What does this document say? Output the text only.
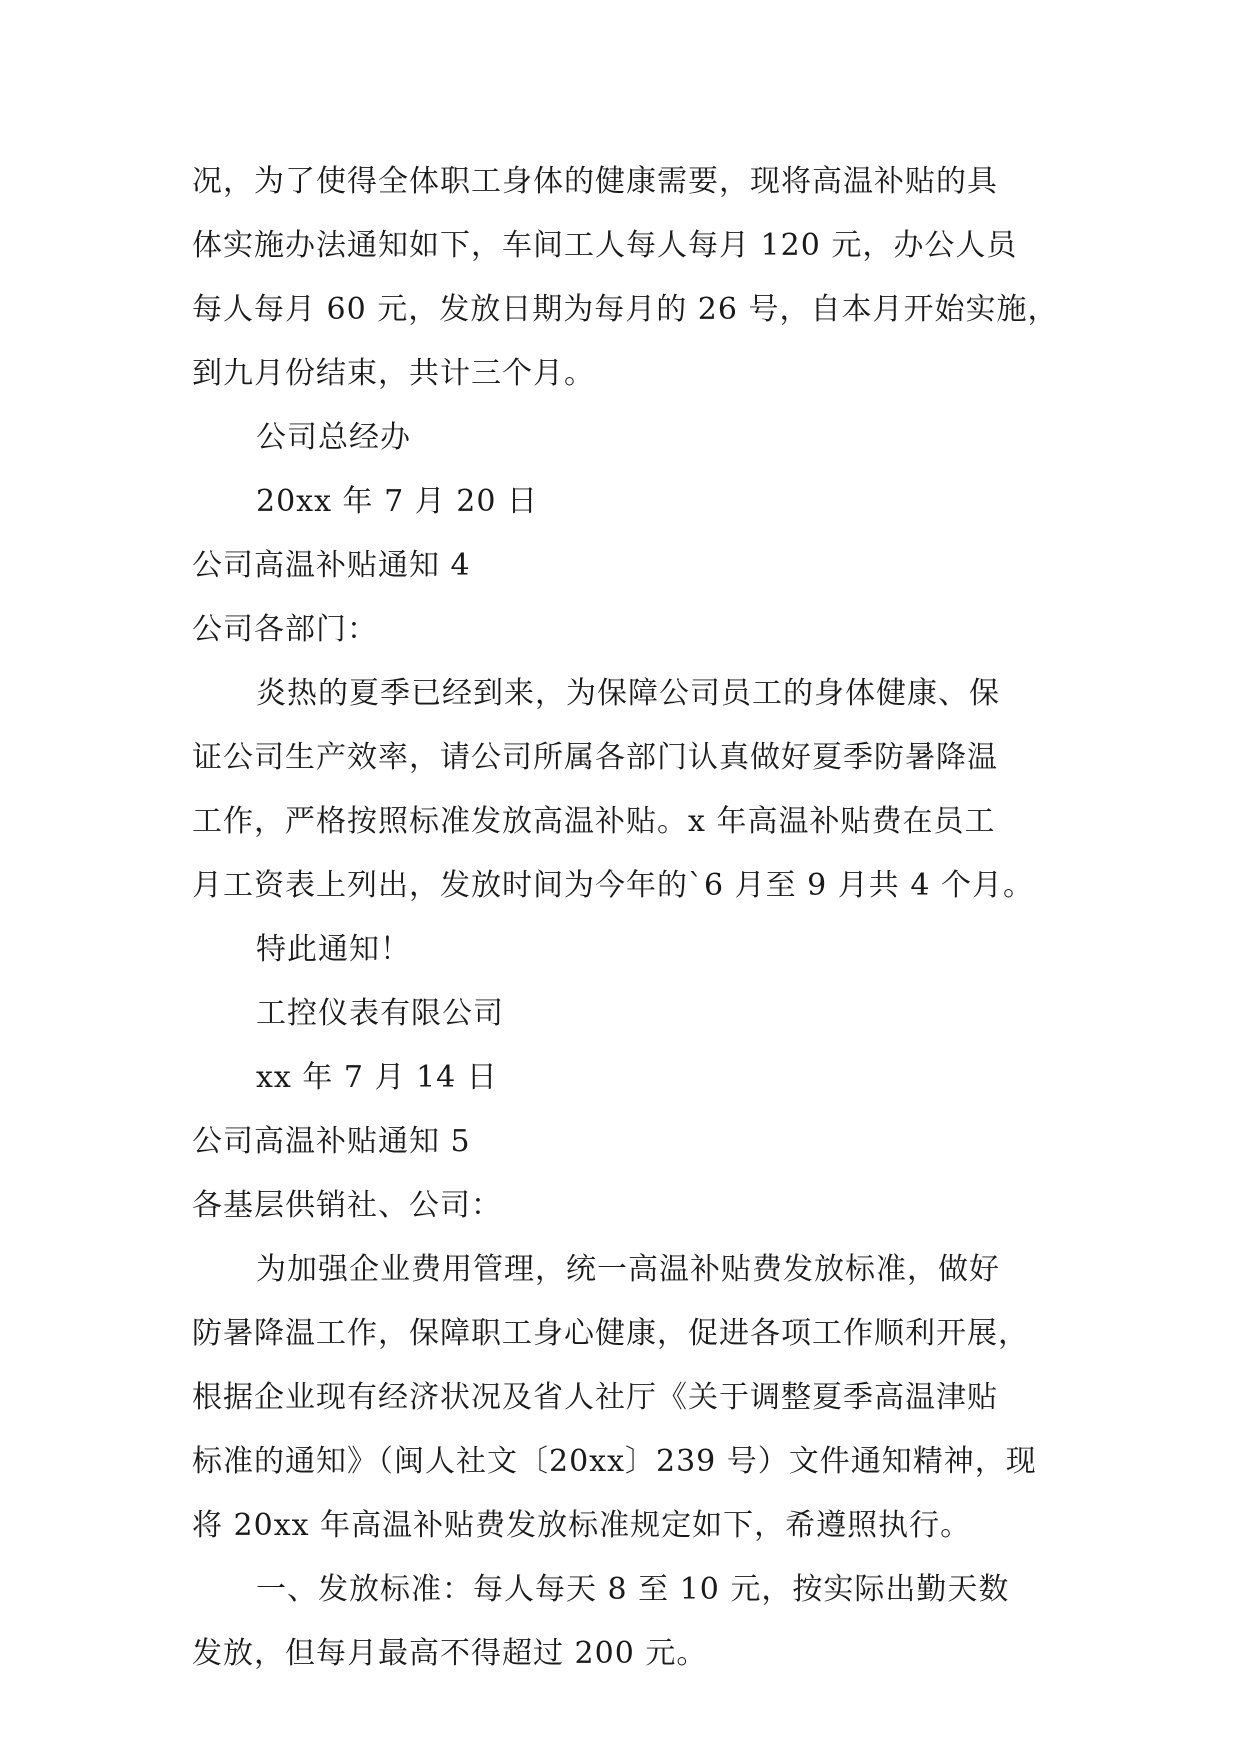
况，为了使得全体职工身体的健康需要，现将高温补贴的具
体实施办法通知如下，车间工人每人每月 120 元，办公人员
每人每月 60 元，发放日期为每月的 26 号，自本月开始实施，
到九月份结束，共计三个月。
公司总经办
20xx 年 7 月 20 日
公司高温补贴通知 4
公司各部门：
炎热的夏季已经到来，为保障公司员工的身体健康、保
证公司生产效率，请公司所属各部门认真做好夏季防暑降温
工作，严格按照标准发放高温补贴。x 年高温补贴费在员工
月工资表上列出，发放时间为今年的`6 月至 9 月共 4 个月。
特此通知！
工控仪表有限公司
xx 年 7 月 14 日
公司高温补贴通知 5
各基层供销社、公司：
为加强企业费用管理，统一高温补贴费发放标准，做好
防暑降温工作，保障职工身心健康，促进各项工作顺利开展，
根据企业现有经济状况及省人社厅《关于调整夏季高温津贴
标准的通知》（闽人社文〔20xx〕239 号）文件通知精神，现
将 20xx 年高温补贴费发放标准规定如下，希遵照执行。
一、发放标准：每人每天 8 至 10 元，按实际出勤天数
发放，但每月最高不得超过 200 元。
